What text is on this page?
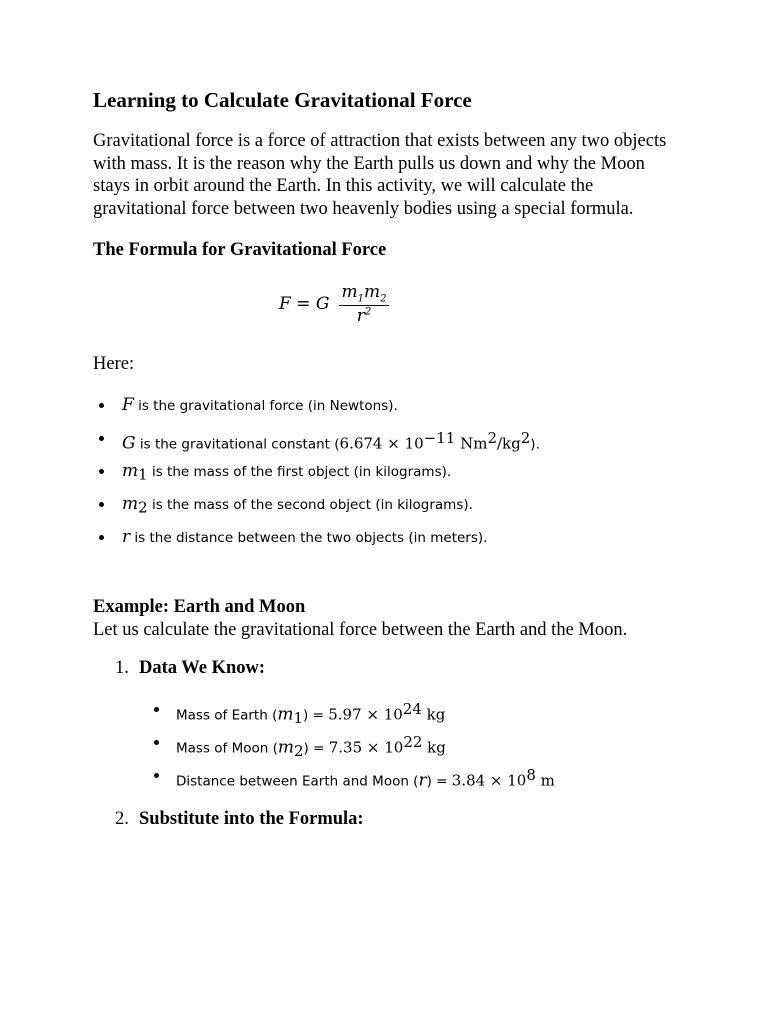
Learning to Calculate Gravitational Force

Gravitational force is a force of attraction that exists between any two objects with mass. It is the reason why the Earth pulls us down and why the Moon stays in orbit around the Earth. In this activity, we will calculate the gravitational force between two heavenly bodies using a special formula.

The Formula for Gravitational Force
F = G $\frac{m_1m_2}{r^2}$
Here:
F is the gravitational force (in Newtons).
G is the gravitational constant ($6.674 \times 10^{-11}$ $Nm^2/kg^2$).
$m_1$ is the mass of the first object (in kilograms).
$m_2$ is the mass of the second object (in kilograms).
r is the distance between the two objects (in meters).
Example: Earth and Moon

Let us calculate the gravitational force between the Earth and the Moon.

1. Data We Know:
Mass of Earth $(m_1) = 5.97 \times 10^{24}$ kg
Mass of Moon $(m_2) = 7.35 \times 10^{22}$ kg
Distance between Earth and Moon $(r) = 3.84 \times 10^8$ m
2. Substitute into the Formula:
